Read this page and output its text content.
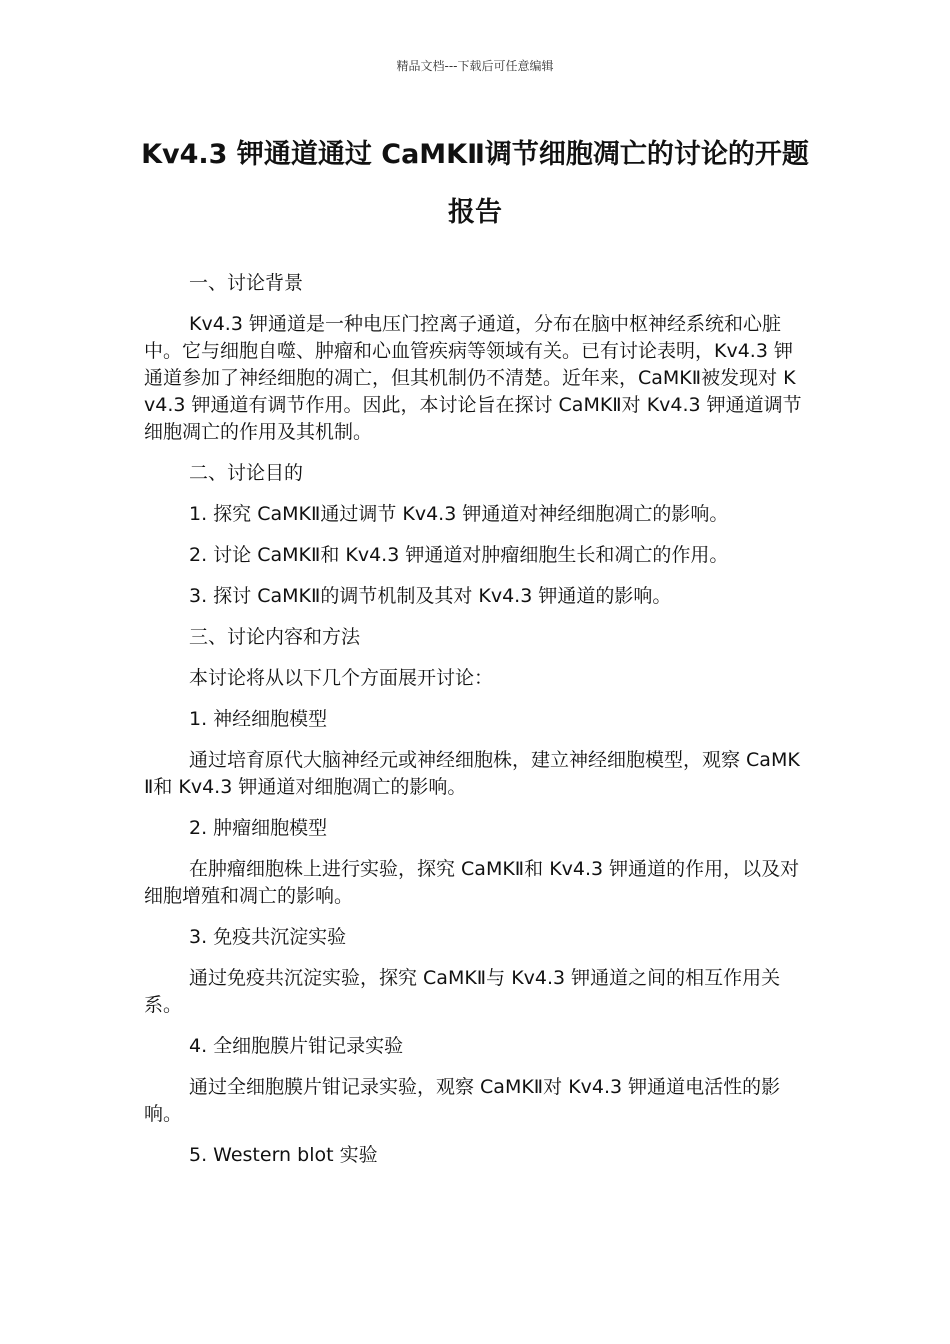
精品文档---下载后可任意编辑
Kv4.3 钾通道通过 CaMKⅡ调节细胞凋亡的讨论的开题报告

一、讨论背景

Kv4.3 钾通道是一种电压门控离子通道，分布在脑中枢神经系统和心脏中。它与细胞自噬、肿瘤和心血管疾病等领域有关。已有讨论表明，Kv4.3 钾通道参加了神经细胞的凋亡，但其机制仍不清楚。近年来，CaMKⅡ被发现对 Kv4.3 钾通道有调节作用。因此，本讨论旨在探讨 CaMKⅡ对 Kv4.3 钾通道调节细胞凋亡的作用及其机制。

二、讨论目的

1. 探究 CaMKⅡ通过调节 Kv4.3 钾通道对神经细胞凋亡的影响。

2. 讨论 CaMKⅡ和 Kv4.3 钾通道对肿瘤细胞生长和凋亡的作用。

3. 探讨 CaMKⅡ的调节机制及其对 Kv4.3 钾通道的影响。

三、讨论内容和方法

本讨论将从以下几个方面展开讨论：

1. 神经细胞模型

通过培育原代大脑神经元或神经细胞株，建立神经细胞模型，观察 CaMKⅡ和 Kv4.3 钾通道对细胞凋亡的影响。

2. 肿瘤细胞模型

在肿瘤细胞株上进行实验，探究 CaMKⅡ和 Kv4.3 钾通道的作用，以及对细胞增殖和凋亡的影响。

3. 免疫共沉淀实验

通过免疫共沉淀实验，探究 CaMKⅡ与 Kv4.3 钾通道之间的相互作用关系。

4. 全细胞膜片钳记录实验

通过全细胞膜片钳记录实验，观察 CaMKⅡ对 Kv4.3 钾通道电活性的影响。

5. Western blot 实验
